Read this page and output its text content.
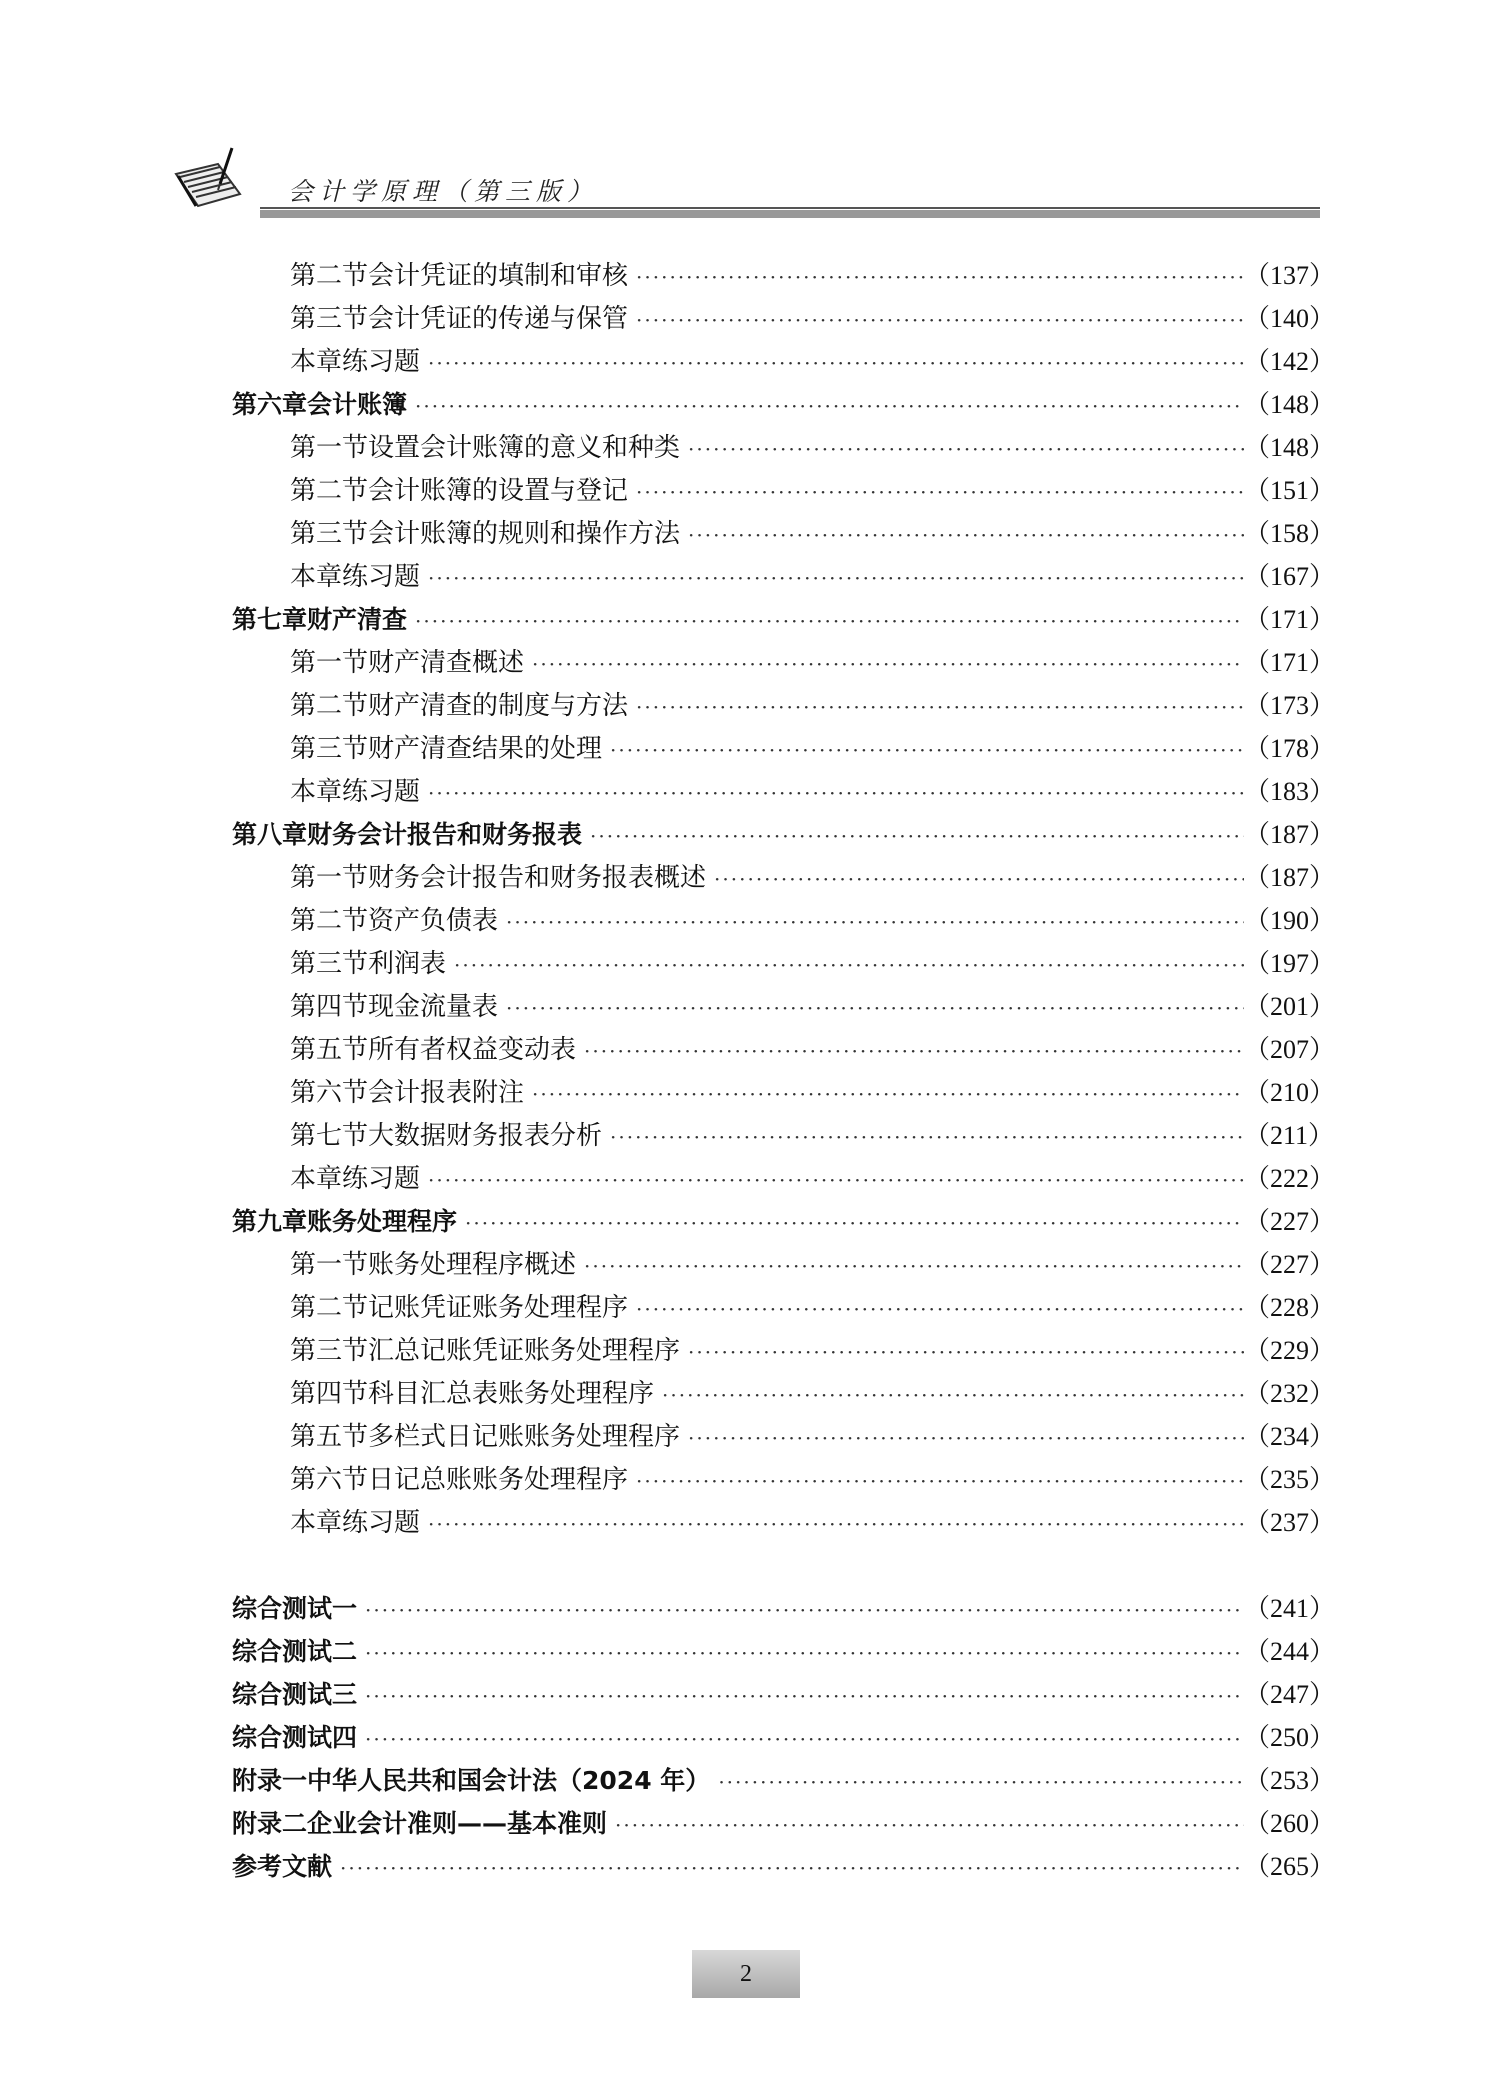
会计学原理（第三版）
第二节 会计凭证的填制和审核 ·····	（137）
第三节 会计凭证的传递与保管 ·····	（140）
本章练习题 ·····	（142）
第六章 会计账簿 ·····	（148）
第一节 设置会计账簿的意义和种类 ·····	（148）
第二节 会计账簿的设置与登记 ·····	（151）
第三节 会计账簿的规则和操作方法 ·····	（158）
本章练习题 ·····	（167）
第七章 财产清查 ·····	（171）
第一节 财产清查概述 ·····	（171）
第二节 财产清查的制度与方法 ·····	（173）
第三节 财产清查结果的处理 ·····	（178）
本章练习题 ·····	（183）
第八章 财务会计报告和财务报表 ·····	（187）
第一节 财务会计报告和财务报表概述 ·····	（187）
第二节 资产负债表 ·····	（190）
第三节 利润表 ·····	（197）
第四节 现金流量表 ·····	（201）
第五节 所有者权益变动表 ·····	（207）
第六节 会计报表附注 ·····	（210）
第七节 大数据财务报表分析 ·····	（211）
本章练习题 ·····	（222）
第九章 账务处理程序 ·····	（227）
第一节 账务处理程序概述 ·····	（227）
第二节 记账凭证账务处理程序 ·····	（228）
第三节 汇总记账凭证账务处理程序 ·····	（229）
第四节 科目汇总表账务处理程序 ·····	（232）
第五节 多栏式日记账账务处理程序 ·····	（234）
第六节 日记总账账务处理程序 ·····	（235）
本章练习题 ·····	（237）
综合测试一 ·····	（241）
综合测试二 ·····	（244）
综合测试三 ·····	（247）
综合测试四 ·····	（250）
附录一 中华人民共和国会计法（2024 年） ·····	（253）
附录二 企业会计准则——基本准则 ·····	（260）
参考文献 ·····	（265）
2
